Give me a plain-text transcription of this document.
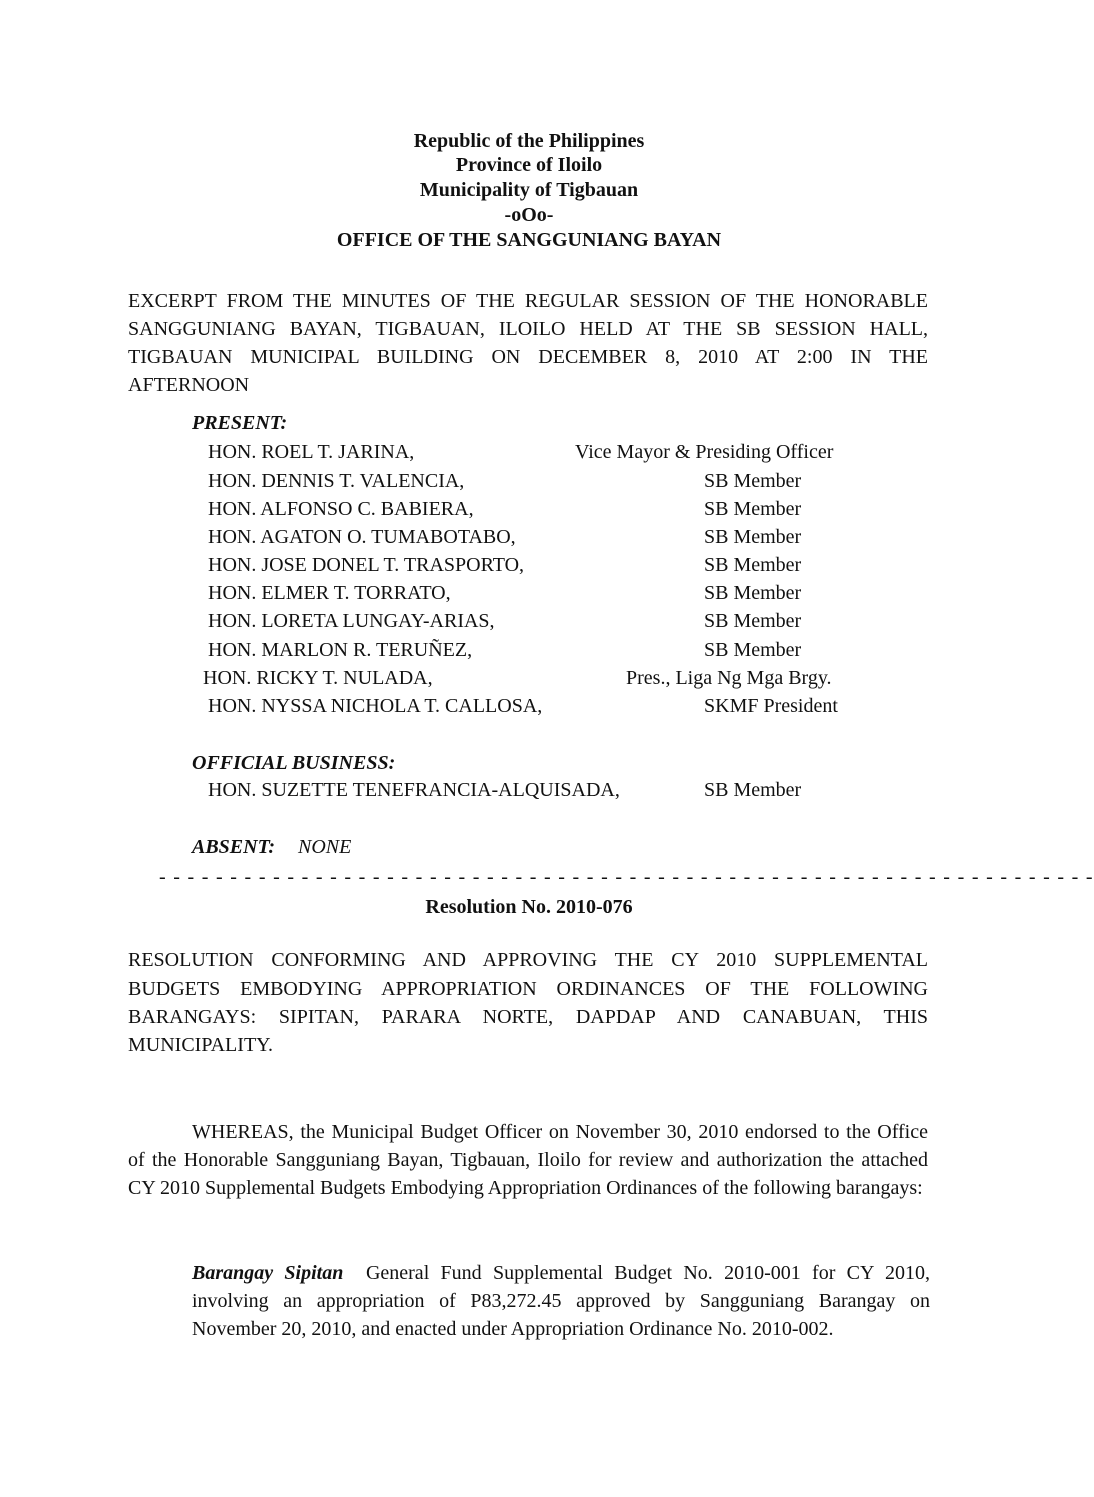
Republic of the Philippines
Province of Iloilo
Municipality of Tigbauan
-oOo-
OFFICE OF THE SANGGUNIANG BAYAN
EXCERPT FROM THE MINUTES OF THE REGULAR SESSION OF THE HONORABLE
SANGGUNIANG BAYAN, TIGBAUAN, ILOILO HELD AT THE SB SESSION HALL,
TIGBAUAN MUNICIPAL BUILDING ON DECEMBER 8, 2010 AT 2:00 IN THE
AFTERNOON
PRESENT:
HON. ROEL T. JARINA,	Vice Mayor & Presiding Officer
HON. DENNIS T. VALENCIA,	SB Member
HON. ALFONSO C. BABIERA,	SB Member
HON. AGATON O. TUMABOTABO,	SB Member
HON. JOSE DONEL T. TRASPORTO,	SB Member
HON. ELMER T. TORRATO,	SB Member
HON. LORETA LUNGAY-ARIAS,	SB Member
HON. MARLON R. TERUÑEZ,	SB Member
HON. RICKY T. NULADA,	Pres., Liga Ng Mga Brgy.
HON. NYSSA NICHOLA T. CALLOSA,	SKMF President
OFFICIAL BUSINESS:
HON. SUZETTE TENEFRANCIA-ALQUISADA,	SB Member
ABSENT: NONE
- - - - - - - - - - - - - - - - - - - - - - - - - - - - - - - - - - - - - - - - - - - - - - - - - - - - - - - - - - - - - - - - - -
Resolution No. 2010-076
RESOLUTION CONFORMING AND APPROVING THE CY 2010 SUPPLEMENTAL
BUDGETS EMBODYING APPROPRIATION ORDINANCES OF THE FOLLOWING
BARANGAYS: SIPITAN, PARARA NORTE, DAPDAP AND CANABUAN, THIS
MUNICIPALITY.
WHEREAS, the Municipal Budget Officer on November 30, 2010 endorsed to the Office of the Honorable Sangguniang Bayan, Tigbauan, Iloilo for review and authorization the attached CY 2010 Supplemental Budgets Embodying Appropriation Ordinances of the following barangays:
Barangay Sipitan General Fund Supplemental Budget No. 2010-001 for CY 2010, involving an appropriation of P83,272.45 approved by Sangguniang Barangay on November 20, 2010, and enacted under Appropriation Ordinance No. 2010-002.
